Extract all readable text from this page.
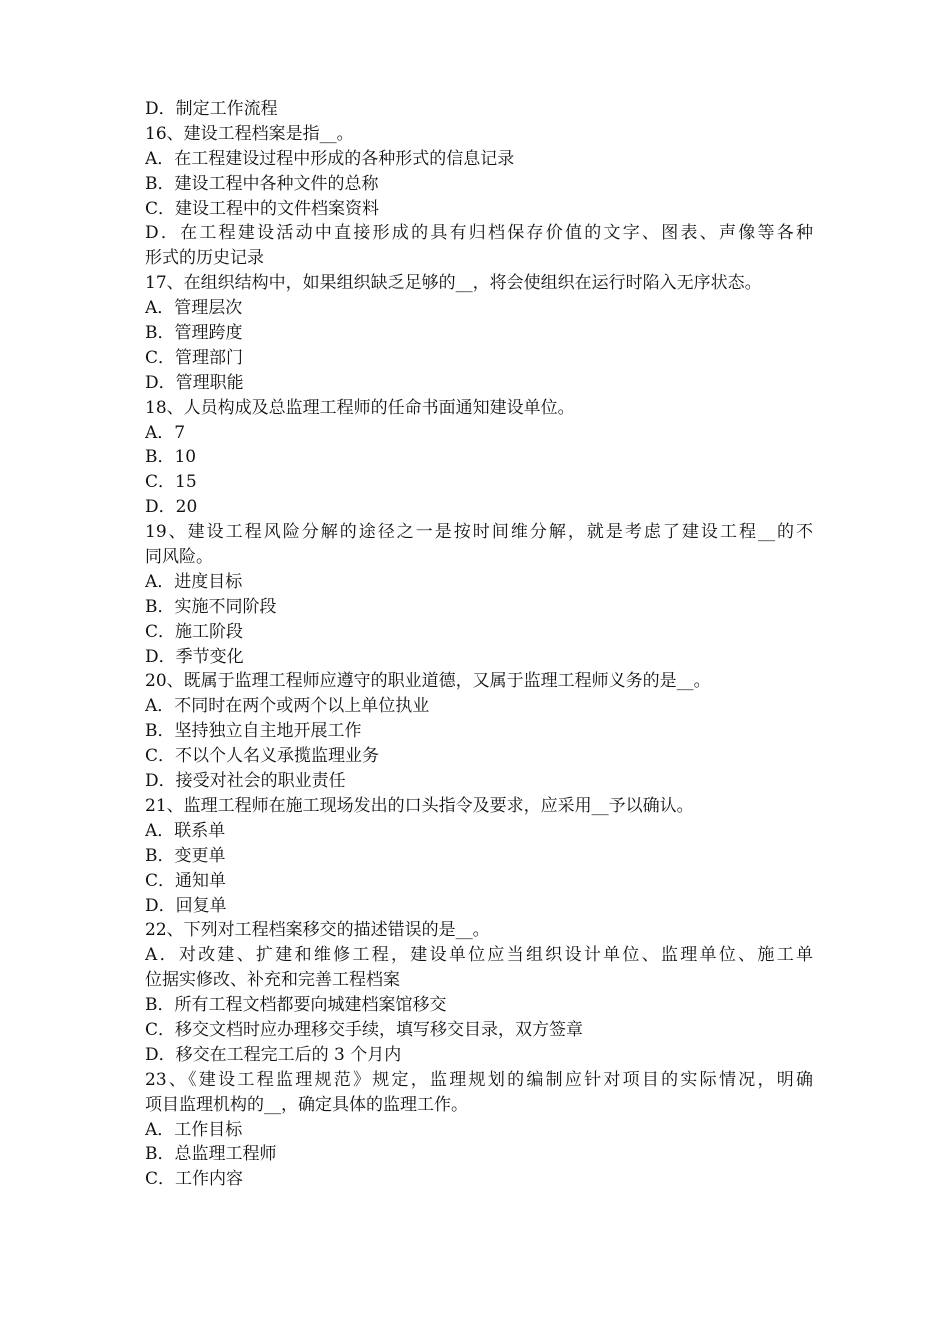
D．制定工作流程
16、建设工程档案是指__。
A．在工程建设过程中形成的各种形式的信息记录
B．建设工程中各种文件的总称
C．建设工程中的文件档案资料
D．在工程建设活动中直接形成的具有归档保存价值的文字、图表、声像等各种
形式的历史记录
17、在组织结构中，如果组织缺乏足够的__，将会使组织在运行时陷入无序状态。
A．管理层次
B．管理跨度
C．管理部门
D．管理职能
18、人员构成及总监理工程师的任命书面通知建设单位。
A．7
B．10
C．15
D．20
19、建设工程风险分解的途径之一是按时间维分解，就是考虑了建设工程__的不
同风险。
A．进度目标
B．实施不同阶段
C．施工阶段
D．季节变化
20、既属于监理工程师应遵守的职业道德，又属于监理工程师义务的是__。
A．不同时在两个或两个以上单位执业
B．坚持独立自主地开展工作
C．不以个人名义承揽监理业务
D．接受对社会的职业责任
21、监理工程师在施工现场发出的口头指令及要求，应采用__予以确认。
A．联系单
B．变更单
C．通知单
D．回复单
22、下列对工程档案移交的描述错误的是__。
A．对改建、扩建和维修工程，建设单位应当组织设计单位、监理单位、施工单
位据实修改、补充和完善工程档案
B．所有工程文档都要向城建档案馆移交
C．移交文档时应办理移交手续，填写移交目录，双方签章
D．移交在工程完工后的 3 个月内
23、《建设工程监理规范》规定，监理规划的编制应针对项目的实际情况，明确
项目监理机构的__，确定具体的监理工作。
A．工作目标
B．总监理工程师
C．工作内容
